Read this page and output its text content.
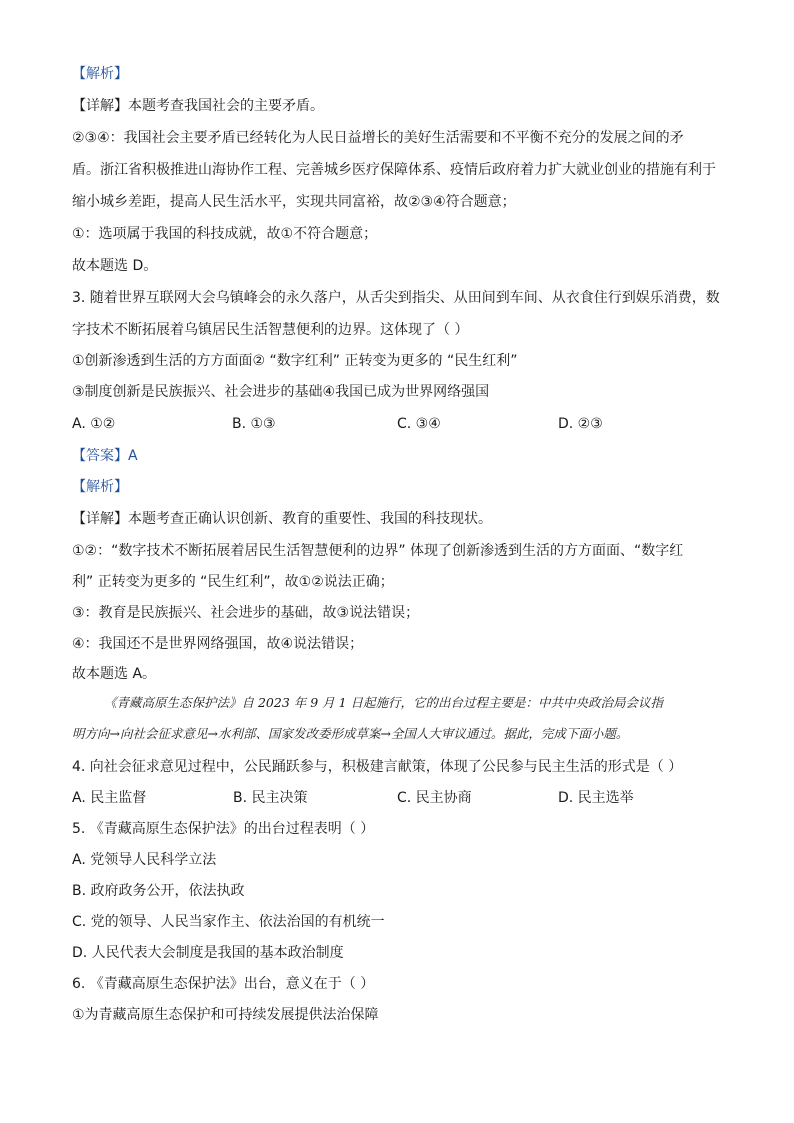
【解析】
【详解】本题考查我国社会的主要矛盾。
②③④：我国社会主要矛盾已经转化为人民日益增长的美好生活需要和不平衡不充分的发展之间的矛
盾。浙江省积极推进山海协作工程、完善城乡医疗保障体系、疫情后政府着力扩大就业创业的措施有利于
缩小城乡差距，提高人民生活水平，实现共同富裕，故②③④符合题意；
①：选项属于我国的科技成就，故①不符合题意；
故本题选 D。
3. 随着世界互联网大会乌镇峰会的永久落户，从舌尖到指尖、从田间到车间、从衣食住行到娱乐消费，数
字技术不断拓展着乌镇居民生活智慧便利的边界。这体现了（ ）
①创新渗透到生活的方方面面② “数字红利” 正转变为更多的 “民生红利”
③制度创新是民族振兴、社会进步的基础④我国已成为世界网络强国
A. ①②	B. ①③	C. ③④	D. ②③
【答案】A
【解析】
【详解】本题考查正确认识创新、教育的重要性、我国的科技现状。
①②：“数字技术不断拓展着居民生活智慧便利的边界” 体现了创新渗透到生活的方方面面、“数字红
利” 正转变为更多的 “民生红利”，故①②说法正确；
③：教育是民族振兴、社会进步的基础，故③说法错误；
④：我国还不是世界网络强国，故④说法错误；
故本题选 A。
《青藏高原生态保护法》自 2023 年 9 月 1 日起施行，它的出台过程主要是：中共中央政治局会议指
明方向→向社会征求意见→水利部、国家发改委形成草案→全国人大审议通过。据此，完成下面小题。
4. 向社会征求意见过程中，公民踊跃参与，积极建言献策，体现了公民参与民主生活的形式是（ ）
A. 民主监督	B. 民主决策	C. 民主协商	D. 民主选举
5. 《青藏高原生态保护法》的出台过程表明（ ）
A. 党领导人民科学立法
B. 政府政务公开，依法执政
C. 党的领导、人民当家作主、依法治国的有机统一
D. 人民代表大会制度是我国的基本政治制度
6. 《青藏高原生态保护法》出台，意义在于（ ）
①为青藏高原生态保护和可持续发展提供法治保障
